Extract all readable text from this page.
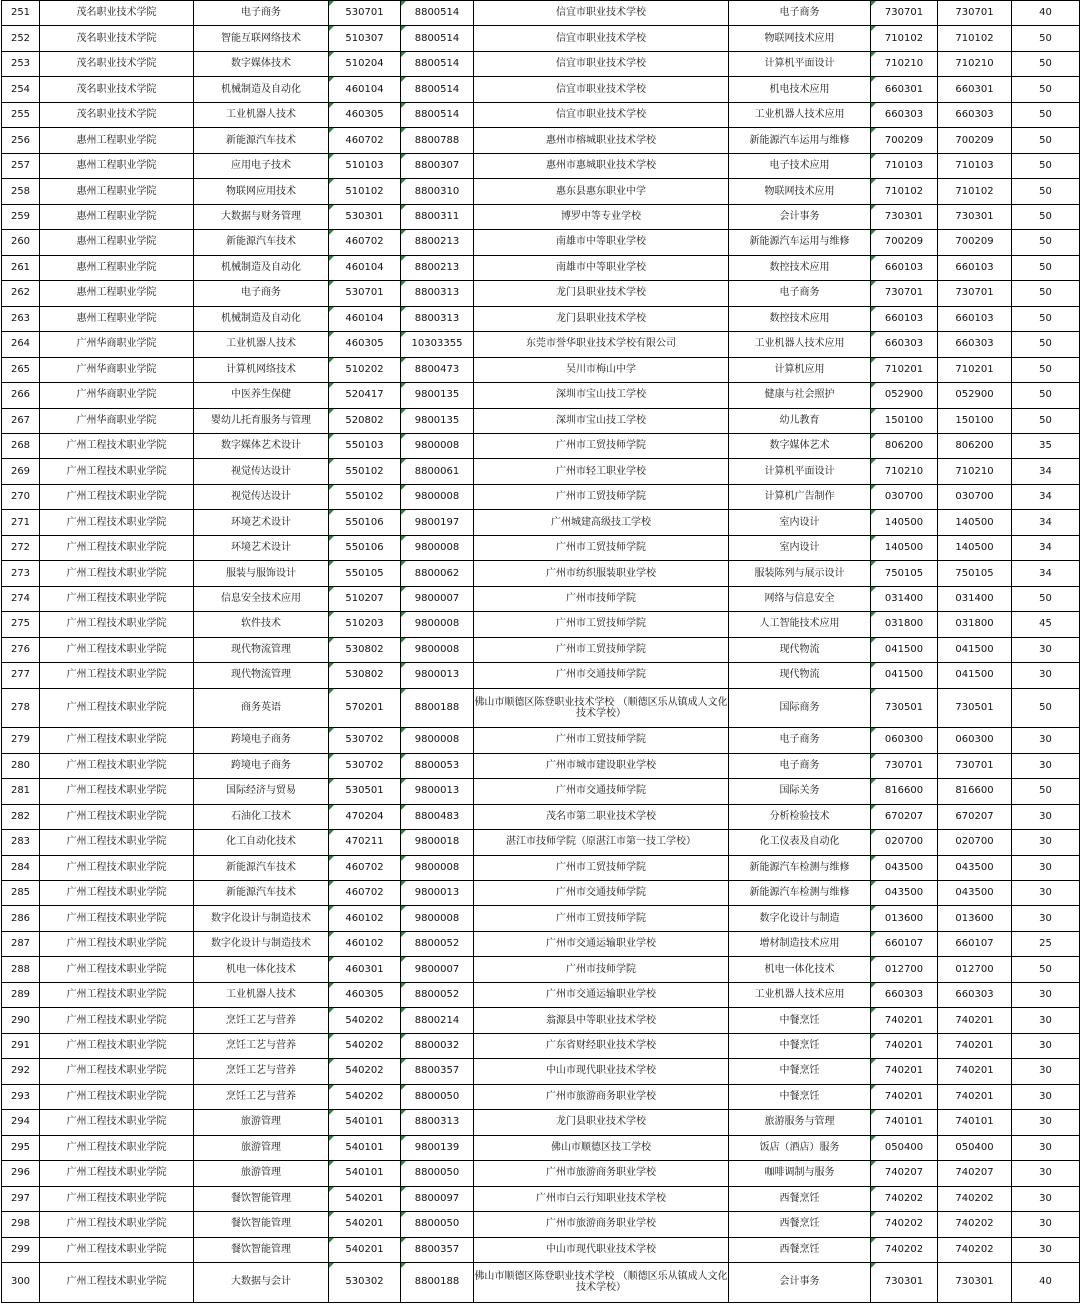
251	茂名职业技术学院	电子商务	530701	8800514	信宜市职业技术学校	电子商务	730701	730701	40
252	茂名职业技术学院	智能互联网络技术	510307	8800514	信宜市职业技术学校	物联网技术应用	710102	710102	50
253	茂名职业技术学院	数字媒体技术	510204	8800514	信宜市职业技术学校	计算机平面设计	710210	710210	50
254	茂名职业技术学院	机械制造及自动化	460104	8800514	信宜市职业技术学校	机电技术应用	660301	660301	50
255	茂名职业技术学院	工业机器人技术	460305	8800514	信宜市职业技术学校	工业机器人技术应用	660303	660303	50
256	惠州工程职业学院	新能源汽车技术	460702	8800788	惠州市榕城职业技术学校	新能源汽车运用与维修	700209	700209	50
257	惠州工程职业学院	应用电子技术	510103	8800307	惠州市惠城职业技术学校	电子技术应用	710103	710103	50
258	惠州工程职业学院	物联网应用技术	510102	8800310	惠东县惠东职业中学	物联网技术应用	710102	710102	50
259	惠州工程职业学院	大数据与财务管理	530301	8800311	博罗中等专业学校	会计事务	730301	730301	50
260	惠州工程职业学院	新能源汽车技术	460702	8800213	南雄市中等职业学校	新能源汽车运用与维修	700209	700209	50
261	惠州工程职业学院	机械制造及自动化	460104	8800213	南雄市中等职业学校	数控技术应用	660103	660103	50
262	惠州工程职业学院	电子商务	530701	8800313	龙门县职业技术学校	电子商务	730701	730701	50
263	惠州工程职业学院	机械制造及自动化	460104	8800313	龙门县职业技术学校	数控技术应用	660103	660103	50
264	广州华商职业学院	工业机器人技术	460305	10303355	东莞市誉华职业技术学校有限公司	工业机器人技术应用	660303	660303	50
265	广州华商职业学院	计算机网络技术	510202	8800473	吴川市梅山中学	计算机应用	710201	710201	50
266	广州华商职业学院	中医养生保健	520417	9800135	深圳市宝山技工学校	健康与社会照护	052900	052900	50
267	广州华商职业学院	婴幼儿托育服务与管理	520802	9800135	深圳市宝山技工学校	幼儿教育	150100	150100	50
268	广州工程技术职业学院	数字媒体艺术设计	550103	9800008	广州市工贸技师学院	数字媒体艺术	806200	806200	35
269	广州工程技术职业学院	视觉传达设计	550102	8800061	广州市轻工职业学校	计算机平面设计	710210	710210	34
270	广州工程技术职业学院	视觉传达设计	550102	9800008	广州市工贸技师学院	计算机广告制作	030700	030700	34
271	广州工程技术职业学院	环境艺术设计	550106	9800197	广州城建高级技工学校	室内设计	140500	140500	34
272	广州工程技术职业学院	环境艺术设计	550106	9800008	广州市工贸技师学院	室内设计	140500	140500	34
273	广州工程技术职业学院	服装与服饰设计	550105	8800062	广州市纺织服装职业学校	服装陈列与展示设计	750105	750105	34
274	广州工程技术职业学院	信息安全技术应用	510207	9800007	广州市技师学院	网络与信息安全	031400	031400	50
275	广州工程技术职业学院	软件技术	510203	9800008	广州市工贸技师学院	人工智能技术应用	031800	031800	45
276	广州工程技术职业学院	现代物流管理	530802	9800008	广州市工贸技师学院	现代物流	041500	041500	30
277	广州工程技术职业学院	现代物流管理	530802	9800013	广州市交通技师学院	现代物流	041500	041500	30
278	广州工程技术职业学院	商务英语	570201	8800188	佛山市顺德区陈登职业技术学校 （顺德区乐从镇成人文化技术学校）	国际商务	730501	730501	50
279	广州工程技术职业学院	跨境电子商务	530702	9800008	广州市工贸技师学院	电子商务	060300	060300	30
280	广州工程技术职业学院	跨境电子商务	530702	8800053	广州市城市建设职业学校	电子商务	730701	730701	30
281	广州工程技术职业学院	国际经济与贸易	530501	9800013	广州市交通技师学院	国际关务	816600	816600	50
282	广州工程技术职业学院	石油化工技术	470204	8800483	茂名市第二职业技术学校	分析检验技术	670207	670207	30
283	广州工程技术职业学院	化工自动化技术	470211	9800018	湛江市技师学院（原湛江市第一技工学校）	化工仪表及自动化	020700	020700	30
284	广州工程技术职业学院	新能源汽车技术	460702	9800008	广州市工贸技师学院	新能源汽车检测与维修	043500	043500	30
285	广州工程技术职业学院	新能源汽车技术	460702	9800013	广州市交通技师学院	新能源汽车检测与维修	043500	043500	30
286	广州工程技术职业学院	数字化设计与制造技术	460102	9800008	广州市工贸技师学院	数字化设计与制造	013600	013600	30
287	广州工程技术职业学院	数字化设计与制造技术	460102	8800052	广州市交通运输职业学校	增材制造技术应用	660107	660107	25
288	广州工程技术职业学院	机电一体化技术	460301	9800007	广州市技师学院	机电一体化技术	012700	012700	50
289	广州工程技术职业学院	工业机器人技术	460305	8800052	广州市交通运输职业学校	工业机器人技术应用	660303	660303	30
290	广州工程技术职业学院	烹饪工艺与营养	540202	8800214	翁源县中等职业技术学校	中餐烹饪	740201	740201	30
291	广州工程技术职业学院	烹饪工艺与营养	540202	8800032	广东省财经职业技术学校	中餐烹饪	740201	740201	30
292	广州工程技术职业学院	烹饪工艺与营养	540202	8800357	中山市现代职业技术学校	中餐烹饪	740201	740201	30
293	广州工程技术职业学院	烹饪工艺与营养	540202	8800050	广州市旅游商务职业学校	中餐烹饪	740201	740201	30
294	广州工程技术职业学院	旅游管理	540101	8800313	龙门县职业技术学校	旅游服务与管理	740101	740101	30
295	广州工程技术职业学院	旅游管理	540101	9800139	佛山市顺德区技工学校	饭店（酒店）服务	050400	050400	30
296	广州工程技术职业学院	旅游管理	540101	8800050	广州市旅游商务职业学校	咖啡调制与服务	740207	740207	30
297	广州工程技术职业学院	餐饮智能管理	540201	8800097	广州市白云行知职业技术学校	西餐烹饪	740202	740202	30
298	广州工程技术职业学院	餐饮智能管理	540201	8800050	广州市旅游商务职业学校	西餐烹饪	740202	740202	30
299	广州工程技术职业学院	餐饮智能管理	540201	8800357	中山市现代职业技术学校	西餐烹饪	740202	740202	30
300	广州工程技术职业学院	大数据与会计	530302	8800188	佛山市顺德区陈登职业技术学校 （顺德区乐从镇成人文化技术学校）	会计事务	730301	730301	40
